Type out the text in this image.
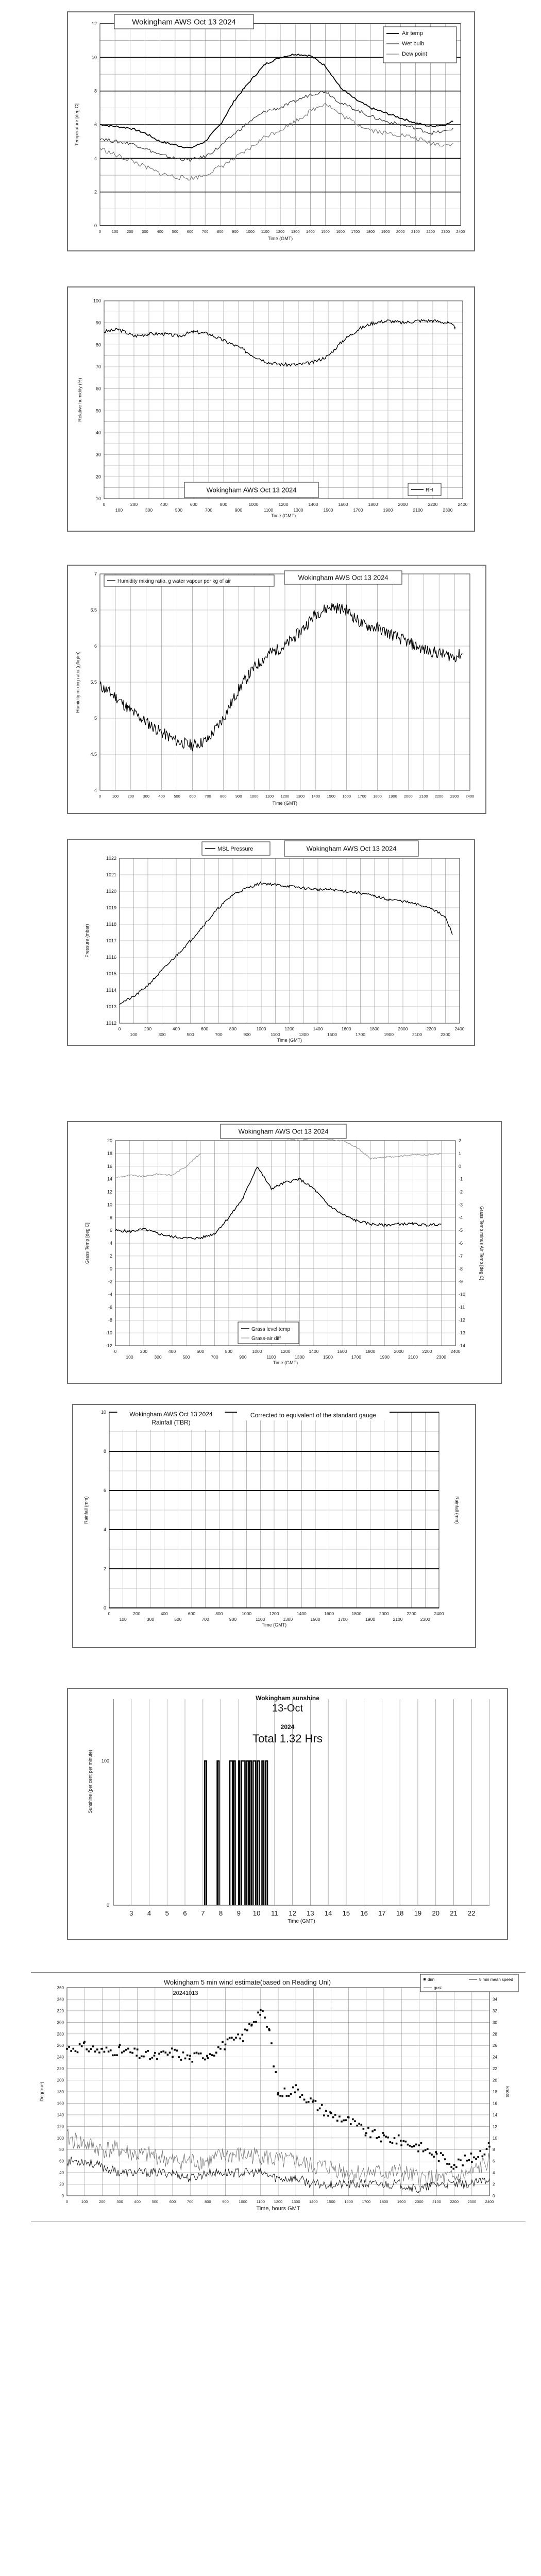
0
2
4
6
8
10
12
0	100 200 300 400 500 600 700 800 900 1000 1100 1200 1300 1400 1500 1600 1700 1800 1900 2000 2100 2200 2300 2400
Temperature [deg C]
Time (GMT)
Wokingham AWS Oct 13 2024
Air temp
Wet bulb
Dew point
10
20
30
40
50
60
70
80
90
100
0	200	400	600	800	1000	1200	1400	1600	1800	2000	2200	2400
100	300	500	700	900	1100	1300	1500	1700	1900	2100	2300
Relative humidity (%)
Time (GMT)
Wokingham AWS Oct 13 2024	RH
4
4.5
5
5.5
6
6.5
7
0	100 200 300 400 500 600 700 800 900 1000 1100 1200 1300 1400 1500 1600 1700 1800 1900 2000 2100 2200 2300 2400
Humidity mixing ratio (g/kg/m)
Time (GMT)
Humidity mixing ratio, g water vapour per kg of air	Wokingham AWS Oct 13 2024
1012
1013
1014
1015
1016
1017
1018
1019
1020
1021
1022
0	200	400	600	800	1000	1200	1400	1600	1800	2000	2200	2400
100	300	500	700	900	1100	1300	1500	1700	1900	2100	2300
Pressure (mbar)
Time (GMT)
MSL Pressure	Wokingham AWS Oct 13 2024
20
18
16
14
12
10
8
6
4
2
0
-2
-4
-6
-8
-10
-12
2
1
0
-1
-2
-3
-4
-5
-6
-7
-8
-9
-10
-11
-12
-13
-14
0	200	400	600	800	1000	1200	1400	1600	1800	2000	2200	2400
100	300	500	700	900	1100	1300	1500	1700	1900	2100	2300
Grass Temp [deg C]	Grass Temp minus Air Temp [deg C]
Time (GMT)
Wokingham AWS Oct 13 2024
Grass level temp
Grass-air diff
0
2
4
6
8
10
0	200	400	600	800	1000	1200	1400	1600	1800	2000	2200	2400
100	300	500	700	900	1100	1300	1500	1700	1900	2100	2300
Rainfall (mm)	Rainfall (mm)
Time (GMT)
Wokingham AWS Oct 13 2024
Rainfall (TBR)
Corrected to equivalent of the standard gauge
100
0
3 4 5 6 7 8 9 10 11 12 13 14 15 16 17 18 19 20 21 22
Sunshine (per cent per minute)
Time (GMT)
Wokingham sunshine
13-Oct
2024
Total 1.32 Hrs
0
20
40
60
80
100
120
140
160
180
200
220
240
260
280
300
320
340
360
0
2
4
6
8
10
12
14
16
18
20
22
24
26
28
30
32
34
0	100	200	300	400	500	600	700	800	900	1000 1100 1200 1300 1400 1500 1600 1700 1800 1900 2000 2100 2200 2300 2400
Deg(true)	knots
Time, hours GMT
Wokingham 5 min wind estimate(based on Reading Uni)
20241013
dirn	5 min mean speed
gust
